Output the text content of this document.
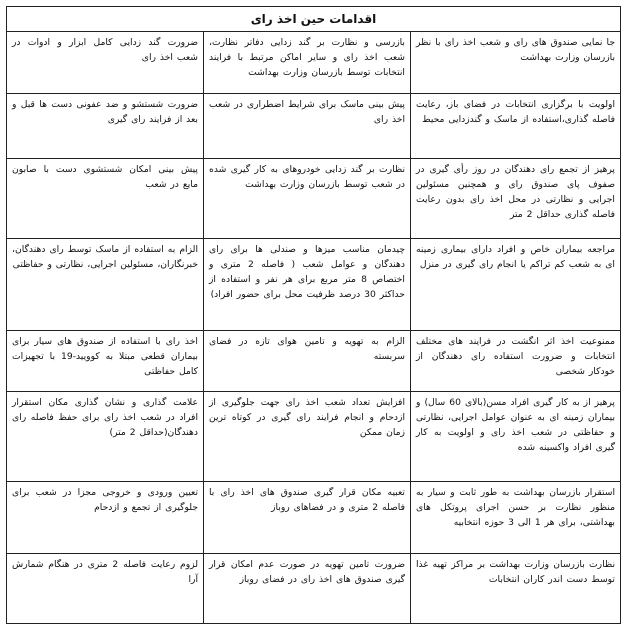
اقدامات حین اخذ رای		
جا نمایی صندوق های رای و شعب اخذ رای با نظر بازرسان وزارت بهداشت	بازرسی و نظارت بر گند زدایی دفاتر نظارت، شعب اخذ رای و سایر اماکن مرتبط با فرایند انتخابات توسط بازرسان وزارت بهداشت	ضرورت گند زدایی کامل ابزار و ادوات در شعب اخذ رای
اولویت با برگزاری انتخابات در فضای باز، رعایت فاصله گذاری،استفاده از ماسک و گندزدایی محیط	پیش بینی ماسک برای شرایط اضطراری در شعب اخذ رای	ضرورت شستشو و ضد عفونی دست ها قبل و بعد از فرایند رای گیری
پرهیز از تجمع رای دهندگان در روز رأی گیری در صفوف پای صندوق رای و همچنین مسئولین اجرایی و نظارتی در محل اخذ رای بدون رعایت فاصله گذاری حداقل 2 متر	نظارت بر گند زدایی خودروهای به کار گیری شده در شعب توسط بازرسان وزارت بهداشت	پیش بینی امکان شستشوی دست با صابون مایع در شعب
مراجعه بیماران خاص و افراد دارای بیماری زمینه ای به شعب کم تراکم یا انجام رای گیری در منزل	چیدمان مناسب میزها و صندلی ها برای رای دهندگان و عوامل شعب ( فاصله 2 متری و اختصاص 8 متر مربع برای هر نفر و استفاده از حداکثر 30 درصد ظرفیت محل برای حضور افراد)	الزام به استفاده از ماسک توسط رای دهندگان، خبرنگاران، مسئولین اجرایی، نظارتی و حفاظتی
ممنوعیت اخذ اثر انگشت در فرایند های مختلف انتخابات و ضرورت استفاده رای دهندگان از خودکار شخصی	الزام به تهویه و تامین هوای تازه در فضای سربسته	اخذ رای با استفاده از صندوق های سیار برای بیماران قطعی مبتلا به کوویید-19 با تجهیزات کامل حفاظتی
پرهیز از به کار گیری افراد مسن(بالای 60 سال) و بیماران زمینه ای به عنوان عوامل اجرایی، نظارتی و حفاظتی در شعب اخذ رای و اولویت به کار گیری افراد واکسینه شده	افزایش تعداد شعب اخذ رای جهت جلوگیری از ازدحام و انجام فرایند رای گیری در کوتاه ترین زمان ممکن	علامت گذاری و نشان گذاری مکان استقرار افراد در شعب اخذ رای برای حفظ فاصله رای دهندگان(حداقل 2 متر)
استقرار بازرسان بهداشت به طور ثابت و سیار به منظور نظارت بر حسن اجرای پروتکل های بهداشتی، برای هر 1 الی 3 حوزه انتخابیه	تعبیه مکان قرار گیری صندوق های اخذ رای با فاصله 2 متری و در فضاهای روباز	تعیین ورودی و خروجی مجزا در شعب برای جلوگیری از تجمع و ازدحام
نظارت بازرسان وزارت بهداشت بر مراکز تهیه غذا توسط دست اندر کاران انتخابات	ضرورت تامین تهویه در صورت عدم امکان قرار گیری صندوق های اخذ رای در فضای روباز	لزوم رعایت فاصله 2 متری در هنگام شمارش آرا
